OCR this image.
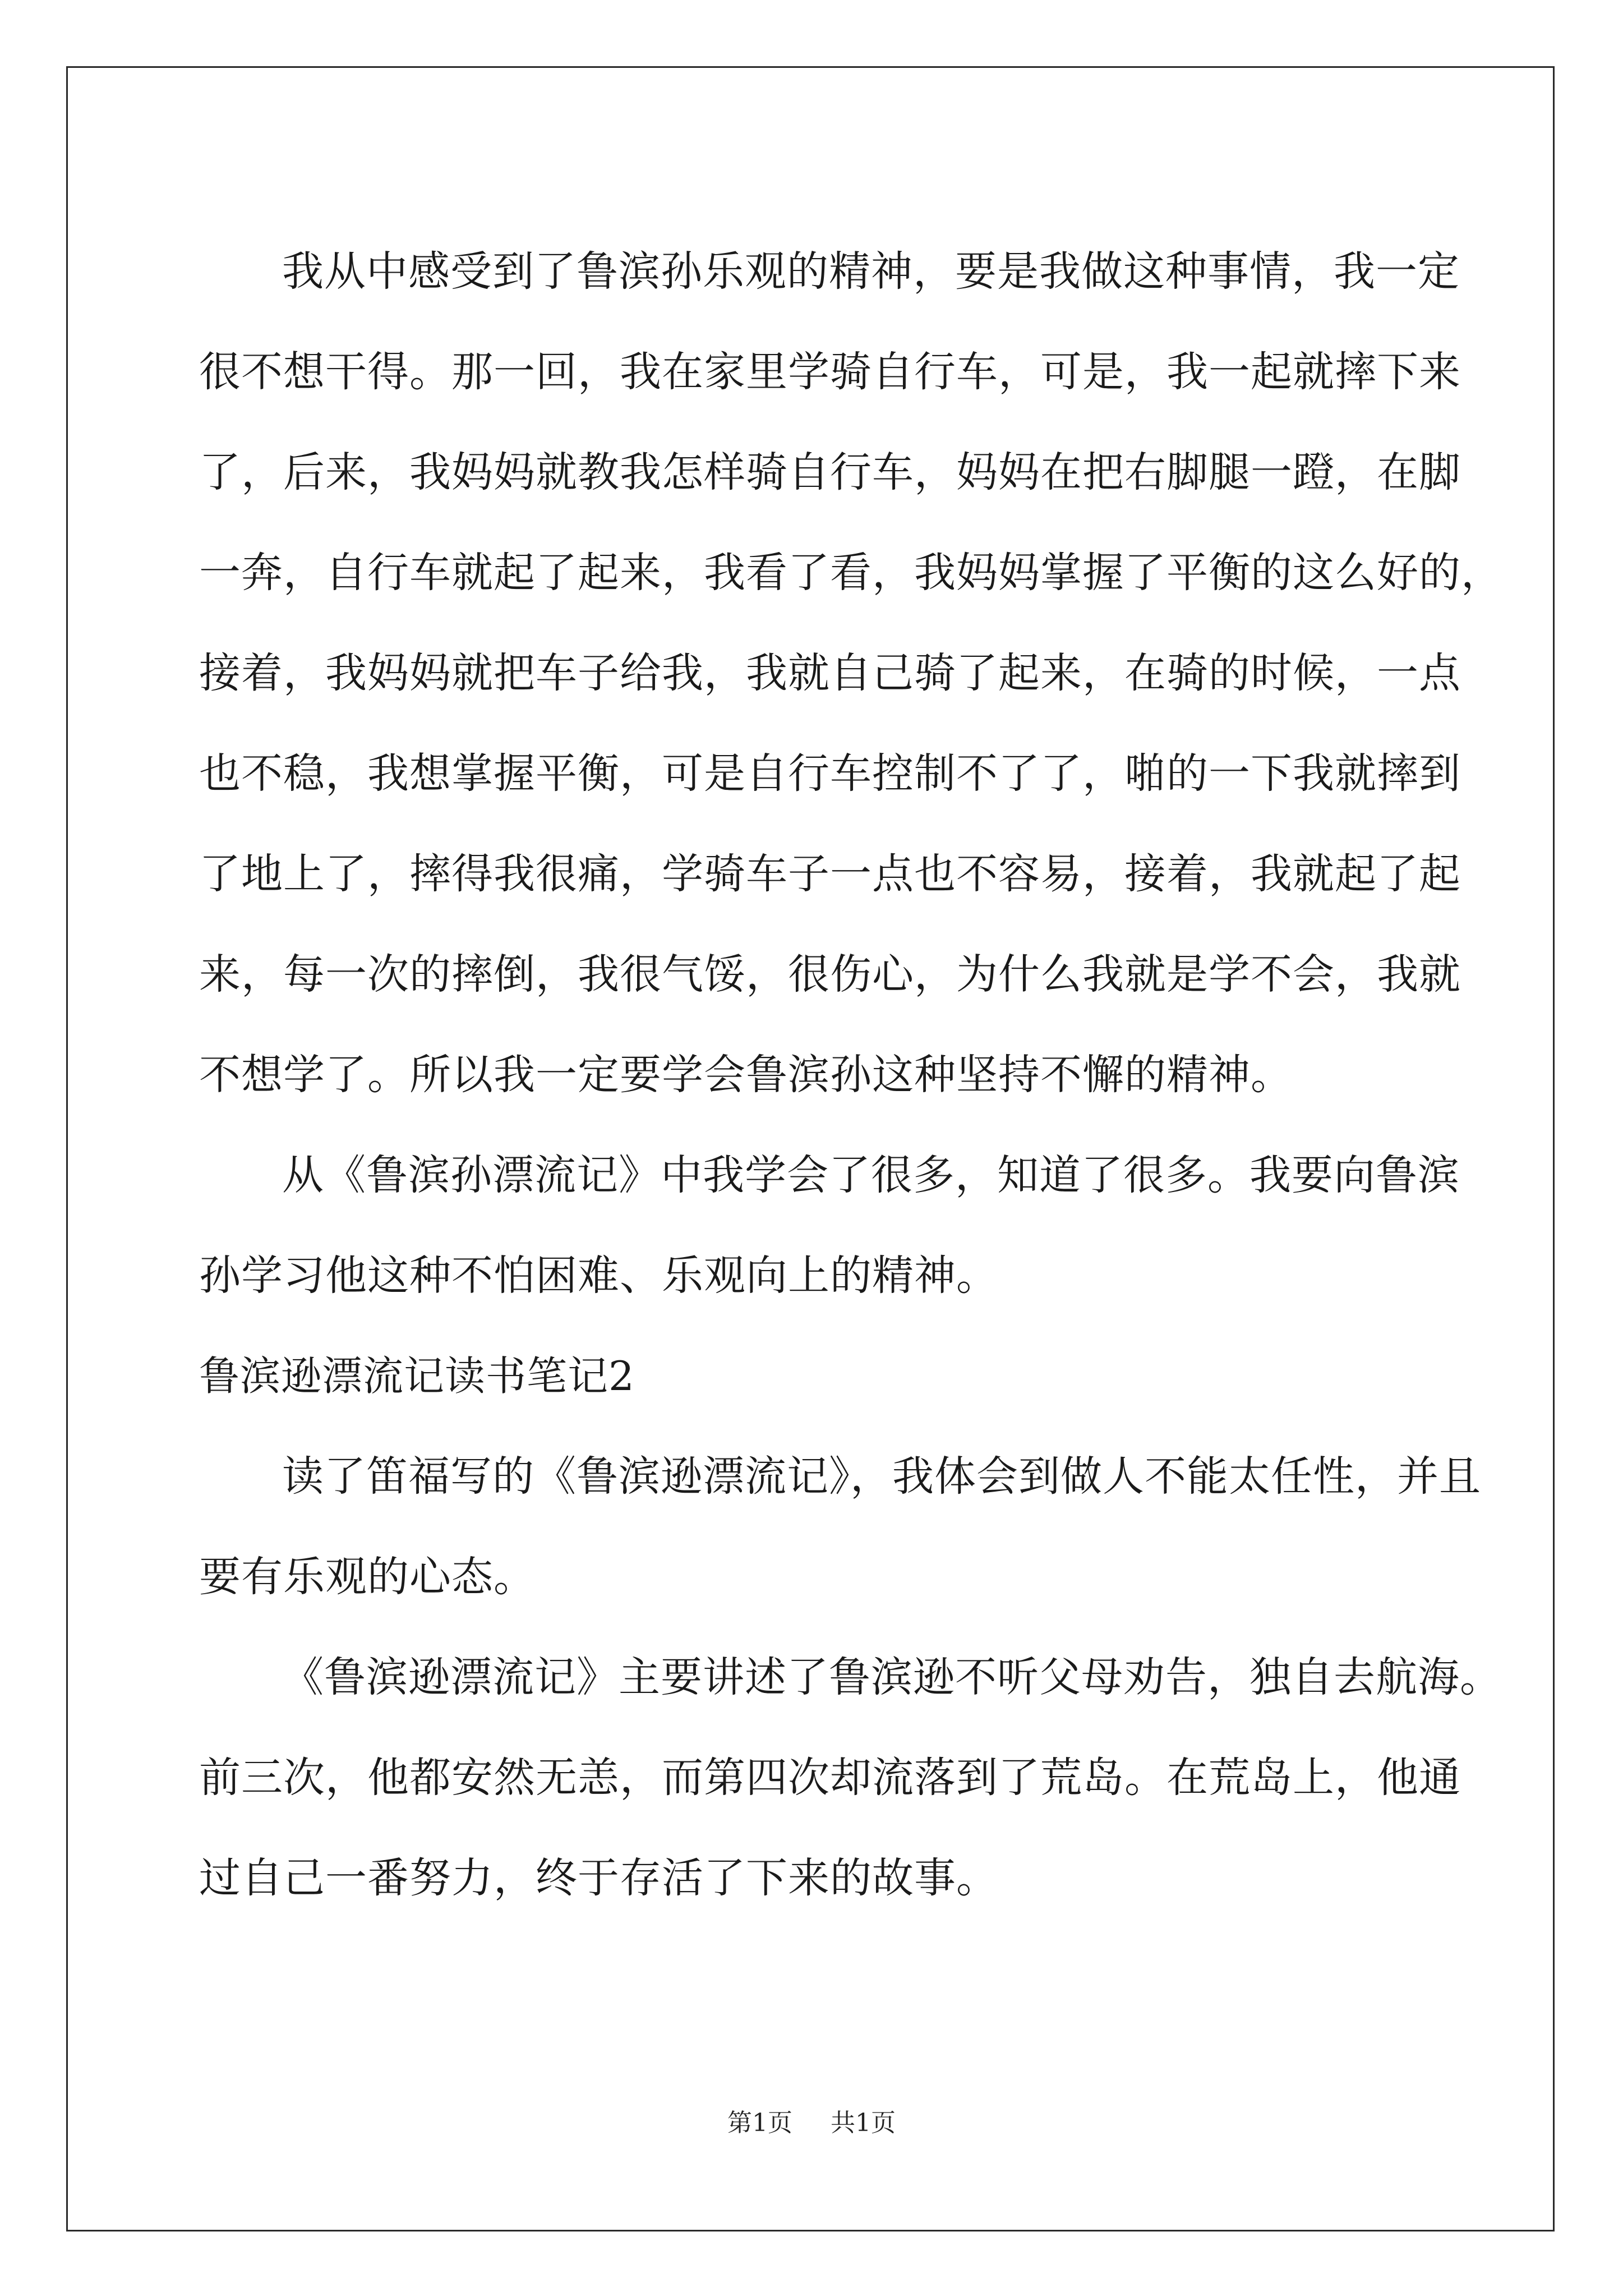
我从中感受到了鲁滨孙乐观的精神，要是我做这种事情，我一定
很不想干得。那一回，我在家里学骑自行车，可是，我一起就摔下来
了，后来，我妈妈就教我怎样骑自行车，妈妈在把右脚腿一蹬，在脚
一奔，自行车就起了起来，我看了看，我妈妈掌握了平衡的这么好的，
接着，我妈妈就把车子给我，我就自己骑了起来，在骑的时候，一点
也不稳，我想掌握平衡，可是自行车控制不了了，啪的一下我就摔到
了地上了，摔得我很痛，学骑车子一点也不容易，接着，我就起了起
来，每一次的摔倒，我很气馁，很伤心，为什么我就是学不会，我就
不想学了。所以我一定要学会鲁滨孙这种坚持不懈的精神。
从《鲁滨孙漂流记》中我学会了很多，知道了很多。我要向鲁滨
孙学习他这种不怕困难、乐观向上的精神。
鲁滨逊漂流记读书笔记2
读了笛福写的《鲁滨逊漂流记》，我体会到做人不能太任性，并且
要有乐观的心态。
《鲁滨逊漂流记》主要讲述了鲁滨逊不听父母劝告，独自去航海。
前三次，他都安然无恙，而第四次却流落到了荒岛。在荒岛上，他通
过自己一番努力，终于存活了下来的故事。
第1页 共1页
